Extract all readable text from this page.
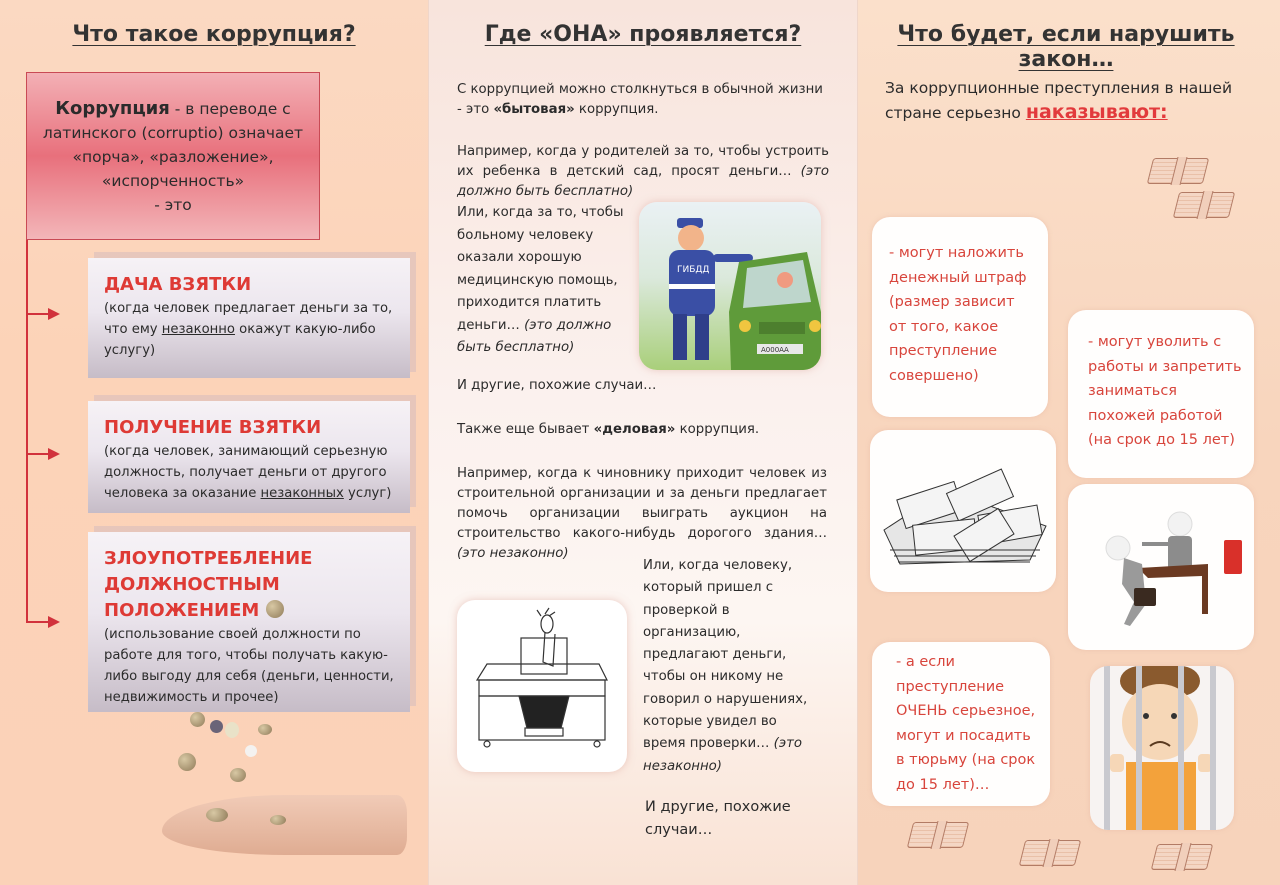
Что такое коррупция?
Коррупция - в переводе с
латинского (corruptio) означает
«порча», «разложение»,
«испорченность»
- это
ДАЧА ВЗЯТКИ
(когда человек предлагает деньги за то, что ему незаконно окажут какую-либо услугу)
ПОЛУЧЕНИЕ ВЗЯТКИ
(когда человек, занимающий серьезную должность, получает деньги от другого человека за оказание незаконных услуг)
ЗЛОУПОТРЕБЛЕНИЕ
ДОЛЖНОСТНЫМ
ПОЛОЖЕНИЕМ
(использование своей должности по работе для того, чтобы получать какую-либо выгоду для себя (деньги, ценности, недвижимость и прочее)
Где «ОНА» проявляется?

С коррупцией можно столкнуться в обычной жизни - это «бытовая» коррупция.

Например, когда у родителей за то, чтобы устроить их ребенка в детский сад, просят деньги… (это должно быть бесплатно)

Или, когда за то, чтобы больному человеку оказали хорошую медицинскую помощь, приходится платить деньги… (это должно быть бесплатно)

ГИБДД
А000АА

И другие, похожие случаи…

Также еще бывает «деловая» коррупция.

Например, когда к чиновнику приходит человек из строительной организации и за деньги предлагает помочь организации выиграть аукцион на строительство какого-нибудь дорогого здания… (это незаконно)

Или, когда человеку, который пришел с проверкой в организацию, предлагают деньги, чтобы он никому не говорил о нарушениях, которые увидел во время проверки… (это незаконно)

И другие, похожие случаи…

Что будет, если нарушить закон…

За коррупционные преступления в нашей стране серьезно наказывают:

- могут наложить денежный штраф (размер зависит от того, какое преступление совершено)

- могут уволить с работы и запретить заниматься похожей работой (на срок до 15 лет)

- а если преступление ОЧЕНЬ серьезное, могут и посадить в тюрьму (на срок до 15 лет)…
